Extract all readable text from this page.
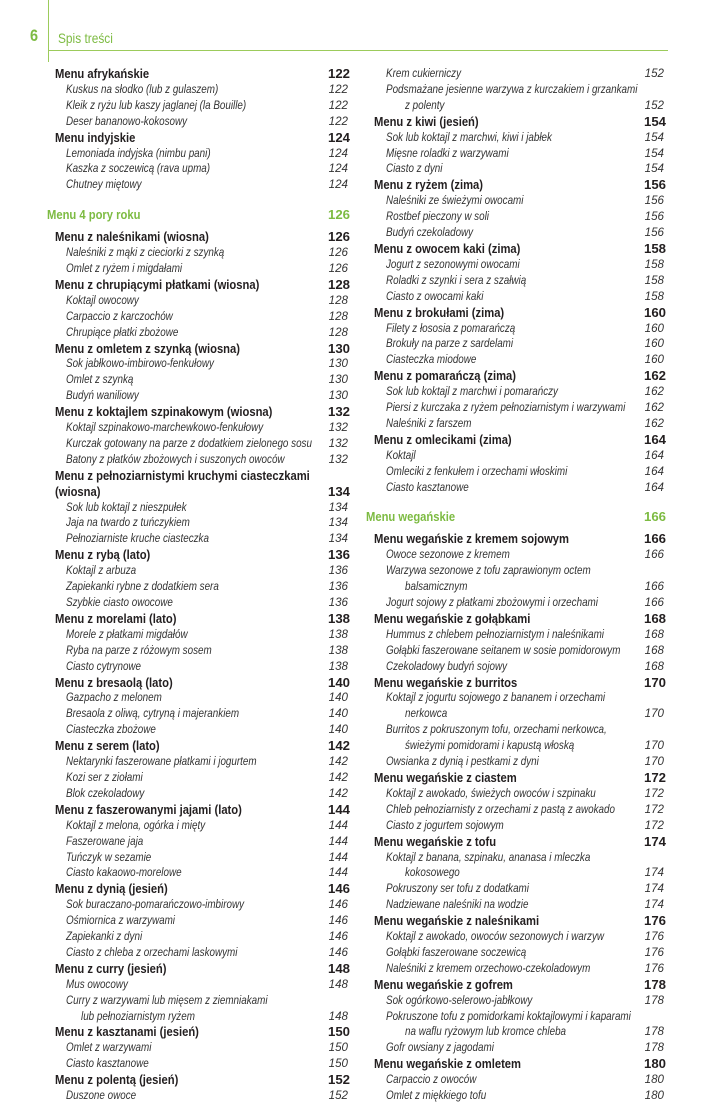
6 Spis treści
Menu afrykańskie	122
Kuskus na słodko (lub z gulaszem)	122
Kleik z ryżu lub kaszy jaglanej (la Bouille)	122
Deser bananowo-kokosowy	122
Menu indyjskie	124
Lemoniada indyjska (nimbu pani)	124
Kaszka z soczewicą (rava upma)	124
Chutney miętowy	124
Menu 4 pory roku	126
Menu z naleśnikami (wiosna)	126
Naleśniki z mąki z cieciorki z szynką	126
Omlet z ryżem i migdałami	126
Menu z chrupiącymi płatkami (wiosna)	128
Koktajl owocowy	128
Carpaccio z karczochów	128
Chrupiące płatki zbożowe	128
Menu z omletem z szynką (wiosna)	130
Sok jabłkowo-imbirowo-fenkułowy	130
Omlet z szynką	130
Budyń waniliowy	130
Menu z koktajlem szpinakowym (wiosna)	132
Koktajl szpinakowo-marchewkowo-fenkułowy	132
Kurczak gotowany na parze z dodatkiem zielonego sosu 132
Batony z płatków zbożowych i suszonych owoców	132
Menu z pełnoziarnistymi kruchymi ciasteczkami
(wiosna)	134
Sok lub koktajl z nieszpułek	134
Jaja na twardo z tuńczykiem	134
Pełnoziarniste kruche ciasteczka	134
Menu z rybą (lato)	136
Koktajl z arbuza	136
Zapiekanki rybne z dodatkiem sera	136
Szybkie ciasto owocowe	136
Menu z morelami (lato)	138
Morele z płatkami migdałów	138
Ryba na parze z różowym sosem	138
Ciasto cytrynowe	138
Menu z bresaolą (lato)	140
Gazpacho z melonem	140
Bresaola z oliwą, cytryną i majerankiem	140
Ciasteczka zbożowe	140
Menu z serem (lato)	142
Nektarynki faszerowane płatkami i jogurtem	142
Kozi ser z ziołami	142
Blok czekoladowy	142
Menu z faszerowanymi jajami (lato)	144
Koktajl z melona, ogórka i mięty	144
Faszerowane jaja	144
Tuńczyk w sezamie	144
Ciasto kakaowo-morelowe	144
Menu z dynią (jesień)	146
Sok buraczano-pomarańczowo-imbirowy	146
Ośmiornica z warzywami	146
Zapiekanki z dyni	146
Ciasto z chleba z orzechami laskowymi	146
Menu z curry (jesień)	148
Mus owocowy	148
Curry z warzywami lub mięsem z ziemniakami
lub pełnoziarnistym ryżem	148
Menu z kasztanami (jesień)	150
Omlet z warzywami	150
Ciasto kasztanowe	150
Menu z polentą (jesień)	152
Duszone owoce	152
Krem cukierniczy	152
Podsmażane jesienne warzywa z kurczakiem i grzankami
z polenty	152
Menu z kiwi (jesień)	154
Sok lub koktajl z marchwi, kiwi i jabłek	154
Mięsne roladki z warzywami	154
Ciasto z dyni	154
Menu z ryżem (zima)	156
Naleśniki ze świeżymi owocami	156
Rostbef pieczony w soli	156
Budyń czekoladowy	156
Menu z owocem kaki (zima)	158
Jogurt z sezonowymi owocami	158
Roladki z szynki i sera z szałwią	158
Ciasto z owocami kaki	158
Menu z brokułami (zima)	160
Filety z łososia z pomarańczą	160
Brokuły na parze z sardelami	160
Ciasteczka miodowe	160
Menu z pomarańczą (zima)	162
Sok lub koktajl z marchwi i pomarańczy	162
Piersi z kurczaka z ryżem pełnoziarnistym i warzywami 162
Naleśniki z farszem	162
Menu z omlecikami (zima)	164
Koktajl	164
Omleciki z fenkułem i orzechami włoskimi	164
Ciasto kasztanowe	164
Menu wegańskie	166
Menu wegańskie z kremem sojowym	166
Owoce sezonowe z kremem	166
Warzywa sezonowe z tofu zaprawionym octem
balsamicznym	166
Jogurt sojowy z płatkami zbożowymi i orzechami	166
Menu wegańskie z gołąbkami	168
Hummus z chlebem pełnoziarnistym i naleśnikami	168
Gołąbki faszerowane seitanem w sosie pomidorowym 168
Czekoladowy budyń sojowy	168
Menu wegańskie z burritos	170
Koktajl z jogurtu sojowego z bananem i orzechami
nerkowca	170
Burritos z pokruszonym tofu, orzechami nerkowca,
świeżymi pomidorami i kapustą włoską	170
Owsianka z dynią i pestkami z dyni	170
Menu wegańskie z ciastem	172
Koktajl z awokado, świeżych owoców i szpinaku	172
Chleb pełnoziarnisty z orzechami z pastą z awokado	172
Ciasto z jogurtem sojowym	172
Menu wegańskie z tofu	174
Koktajl z banana, szpinaku, ananasa i mleczka
kokosowego	174
Pokruszony ser tofu z dodatkami	174
Nadziewane naleśniki na wodzie	174
Menu wegańskie z naleśnikami	176
Koktajl z awokado, owoców sezonowych i warzyw	176
Gołąbki faszerowane soczewicą	176
Naleśniki z kremem orzechowo-czekoladowym	176
Menu wegańskie z gofrem	178
Sok ogórkowo-selerowo-jabłkowy	178
Pokruszone tofu z pomidorkami koktajlowymi i kaparami
na waflu ryżowym lub kromce chleba	178
Gofr owsiany z jagodami	178
Menu wegańskie z omletem	180
Carpaccio z owoców	180
Omlet z miękkiego tofu	180
